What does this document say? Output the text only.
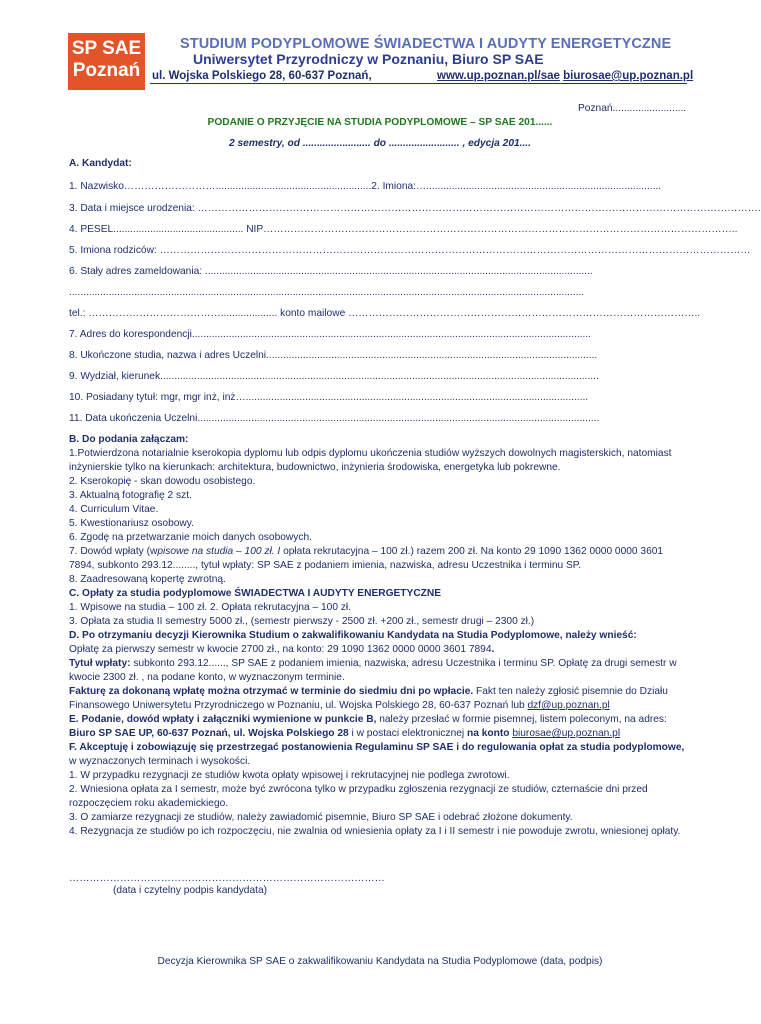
SP SAE
Poznań
STUDIUM PODYPLOMOWE ŚWIADECTWA I AUDYTY ENERGETYCZNE
Uniwersytet Przyrodniczy w Poznaniu, Biuro SP SAE
ul. Wojska Polskiego 28, 60-637 Poznań,	www.up.poznan.pl/sae biurosae@up.poznan.pl
Poznań..........................
PODANIE O PRZYJĘCIE NA STUDIA PODYPLOMOWE – SP SAE 201......
2 semestry, od ........................ do ......................... , edycja 201....
A. Kandydat:
1. Nazwisko……………………….......................................................2. Imiona:…...................................................................................
3. Data i miejsce urodzenia: ………………………………………………………………………………………………………………………………………………….
4. PESEL.............................................. NIP…………………………………………………………………………………………………………………………..
5. Imiona rodziców: …………………………………………………………………………………………………………………………………………………………
6. Stały adres zameldowania: .........................................................................................................................................
......................................................................................................................................................................................
tel.: ………………………………….................... konto mailowe …………………………………………………………………………………………..
7. Adres do korespondencji.............................................................................................................................................
8. Ukończone studia, nazwa i adres Uczelni.....................................................................................................................
9. Wydział, kierunek...........................................................................................................................................................
10. Posiadany tytuł: mgr, mgr inż, inż….........................................................................................................................
11. Data ukończenia Uczelni..............................................................................................................................................
B. Do podania załączam:
1.Potwierdzona notarialnie kserokopia dyplomu lub odpis dyplomu ukończenia studiów wyższych dowolnych magisterskich, natomiast inżynierskie tylko na kierunkach: architektura, budownictwo, inżynieria środowiska, energetyka lub pokrewne.
2. Kserokopię - skan dowodu osobistego.
3. Aktualną fotografię 2 szt.
4. Curriculum Vitae.
5. Kwestionariusz osobowy.
6. Zgodę na przetwarzanie moich danych osobowych.
7. Dowód wpłaty (wpisowe na studia – 100 zł. I opłata rekrutacyjna – 100 zł.) razem 200 zł. Na konto 29 1090 1362 0000 0000 3601 7894, subkonto 293.12........, tytuł wpłaty: SP SAE z podaniem imienia, nazwiska, adresu Uczestnika i terminu SP.
8. Zaadresowaną kopertę zwrotną.
C. Opłaty za studia podyplomowe ŚWIADECTWA I AUDYTY ENERGETYCZNE
1. Wpisowe na studia – 100 zł. 2. Opłata rekrutacyjna – 100 zł.
3. Opłata za studia II semestry 5000 zł., (semestr pierwszy - 2500 zł. +200 zł., semestr drugi – 2300 zł.)
D. Po otrzymaniu decyzji Kierownika Studium o zakwalifikowaniu Kandydata na Studia Podyplomowe, należy wnieść:
Opłatę za pierwszy semestr w kwocie 2700 zł., na konto: 29 1090 1362 0000 0000 3601 7894.
Tytuł wpłaty: subkonto 293.12......, SP SAE z podaniem imienia, nazwiska, adresu Uczestnika i terminu SP. Opłatę za drugi semestr w kwocie 2300 zł. , na podane konto, w wyznaczonym terminie.
Fakturę za dokonaną wpłatę można otrzymać w terminie do siedmiu dni po wpłacie. Fakt ten należy zgłosić pisemnie do Działu Finansowego Uniwersytetu Przyrodniczego w Poznaniu, ul. Wojska Polskiego 28, 60-637 Poznań lub dzf@up.poznan.pl
E. Podanie, dowód wpłaty i załączniki wymienione w punkcie B, należy przesłać w formie pisemnej, listem poleconym, na adres: Biuro SP SAE UP, 60-637 Poznań, ul. Wojska Polskiego 28 i w postaci elektronicznej na konto biurosae@up.poznan.pl
F. Akceptuję i zobowiązuję się przestrzegać postanowienia Regulaminu SP SAE i do regulowania opłat za studia podyplomowe, w wyznaczonych terminach i wysokości.
1. W przypadku rezygnacji ze studiów kwota opłaty wpisowej i rekrutacyjnej nie podlega zwrotowi.
2. Wniesiona opłata za I semestr, może być zwrócona tylko w przypadku zgłoszenia rezygnacji ze studiów, czternaście dni przed rozpoczęciem roku akademickiego.
3. O zamiarze rezygnacji ze studiów, należy zawiadomić pisemnie, Biuro SP SAE i odebrać złożone dokumenty.
4. Rezygnacja ze studiów po ich rozpoczęciu, nie zwalnia od wniesienia opłaty za I i II semestr i nie powoduje zwrotu, wniesionej opłaty.
…………………………………………………………………………………
(data i czytelny podpis kandydata)
Decyzja Kierownika SP SAE o zakwalifikowaniu Kandydata na Studia Podyplomowe (data, podpis)
